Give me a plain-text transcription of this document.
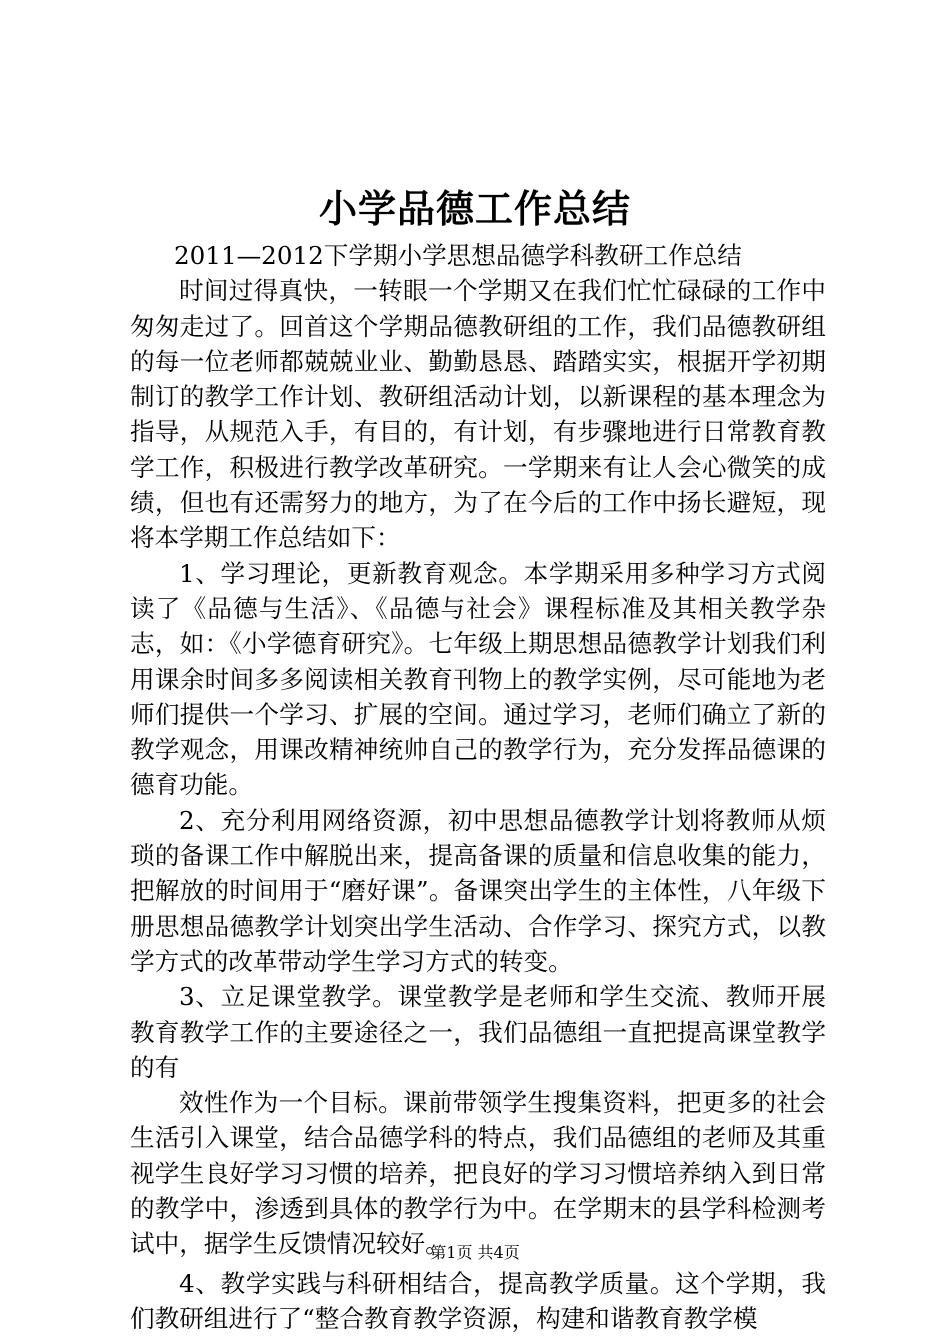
小学品德工作总结

2011—2012下学期小学思想品德学科教研工作总结

时间过得真快，一转眼一个学期又在我们忙忙碌碌的工作中匆匆走过了。回首这个学期品德教研组的工作，我们品德教研组的每一位老师都兢兢业业、勤勤恳恳、踏踏实实，根据开学初期制订的教学工作计划、教研组活动计划，以新课程的基本理念为指导，从规范入手，有目的，有计划，有步骤地进行日常教育教学工作，积极进行教学改革研究。一学期来有让人会心微笑的成绩，但也有还需努力的地方，为了在今后的工作中扬长避短，现将本学期工作总结如下：

1、学习理论，更新教育观念。本学期采用多种学习方式阅读了《品德与生活》、《品德与社会》课程标准及其相关教学杂志，如：《小学德育研究》。七年级上期思想品德教学计划我们利用课余时间多多阅读相关教育刊物上的教学实例，尽可能地为老师们提供一个学习、扩展的空间。通过学习，老师们确立了新的教学观念，用课改精神统帅自己的教学行为，充分发挥品德课的德育功能。

2、充分利用网络资源，初中思想品德教学计划将教师从烦琐的备课工作中解脱出来，提高备课的质量和信息收集的能力，把解放的时间用于“磨好课”。备课突出学生的主体性，八年级下册思想品德教学计划突出学生活动、合作学习、探究方式，以教学方式的改革带动学生学习方式的转变。

3、立足课堂教学。课堂教学是老师和学生交流、教师开展教育教学工作的主要途径之一，我们品德组一直把提高课堂教学的有

效性作为一个目标。课前带领学生搜集资料，把更多的社会生活引入课堂，结合品德学科的特点，我们品德组的老师及其重视学生良好学习习惯的培养，把良好的学习习惯培养纳入到日常的教学中，渗透到具体的教学行为中。在学期末的县学科检测考试中，据学生反馈情况较好。

4、教学实践与科研相结合，提高教学质量。这个学期，我们教研组进行了“整合教育教学资源，构建和谐教育教学模

第1页 共4页
